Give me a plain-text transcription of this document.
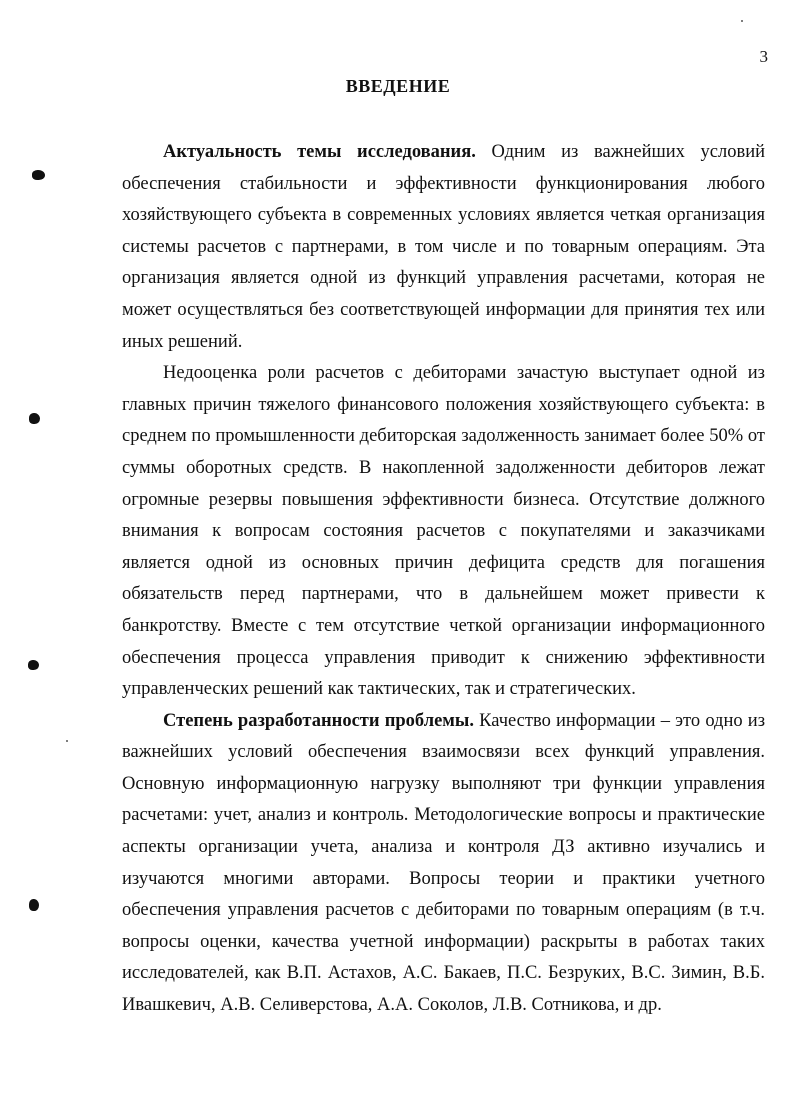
3
ВВЕДЕНИЕ

Актуальность темы исследования. Одним из важнейших условий обеспечения стабильности и эффективности функционирования любого хозяйствующего субъекта в современных условиях является четкая организация системы расчетов с партнерами, в том числе и по товарным операциям. Эта организация является одной из функций управления расчетами, которая не может осуществляться без соответствующей информации для принятия тех или иных решений.

Недооценка роли расчетов с дебиторами зачастую выступает одной из главных причин тяжелого финансового положения хозяйствующего субъекта: в среднем по промышленности дебиторская задолженность занимает более 50% от суммы оборотных средств. В накопленной задолженности дебиторов лежат огромные резервы повышения эффективности бизнеса. Отсутствие должного внимания к вопросам состояния расчетов с покупателями и заказчиками является одной из основных причин дефицита средств для погашения обязательств перед партнерами, что в дальнейшем может привести к банкротству. Вместе с тем отсутствие четкой организации информационного обеспечения процесса управления приводит к снижению эффективности управленческих решений как тактических, так и стратегических.

Степень разработанности проблемы. Качество информации – это одно из важнейших условий обеспечения взаимосвязи всех функций управления. Основную информационную нагрузку выполняют три функции управления расчетами: учет, анализ и контроль. Методологические вопросы и практические аспекты организации учета, анализа и контроля ДЗ активно изучались и изучаются многими авторами. Вопросы теории и практики учетного обеспечения управления расчетов с дебиторами по товарным операциям (в т.ч. вопросы оценки, качества учетной информации) раскрыты в работах таких исследователей, как В.П. Астахов, А.С. Бакаев, П.С. Безруких, В.С. Зимин, В.Б. Ивашкевич, А.В. Селиверстова, А.А. Соколов, Л.В. Сотникова, и др.
